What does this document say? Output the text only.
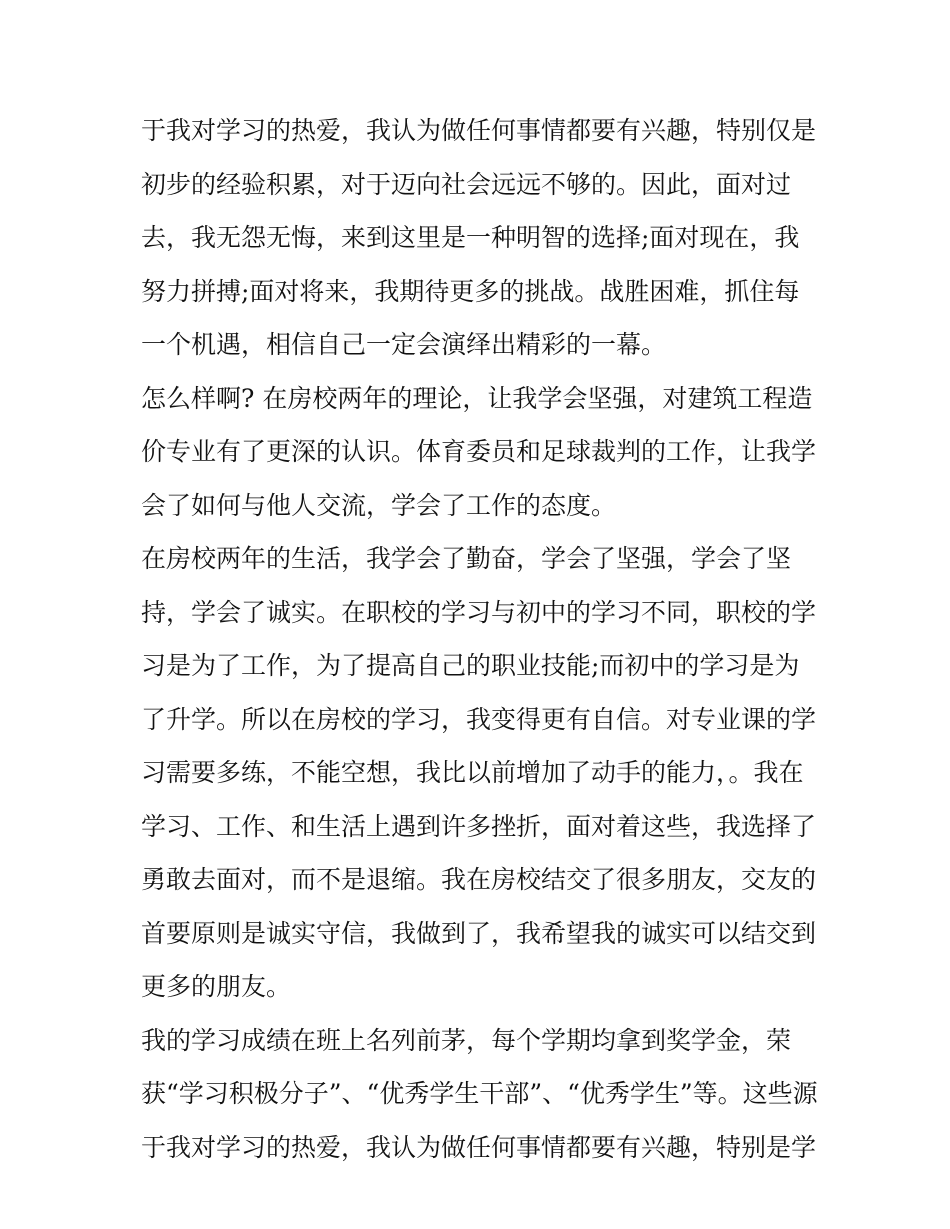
于我对学习的热爱，我认为做任何事情都要有兴趣，特别仅是
初步的经验积累，对于迈向社会远远不够的。因此，面对过
去，我无怨无悔，来到这里是一种明智的选择;面对现在，我
努力拼搏;面对将来，我期待更多的挑战。战胜困难，抓住每
一个机遇，相信自己一定会演绎出精彩的一幕。
怎么样啊? 在房校两年的理论，让我学会坚强，对建筑工程造
价专业有了更深的认识。体育委员和足球裁判的工作，让我学
会了如何与他人交流，学会了工作的态度。
在房校两年的生活，我学会了勤奋，学会了坚强，学会了坚
持，学会了诚实。在职校的学习与初中的学习不同，职校的学
习是为了工作，为了提高自己的职业技能;而初中的学习是为
了升学。所以在房校的学习，我变得更有自信。对专业课的学
习需要多练，不能空想，我比以前增加了动手的能力，。我在
学习、工作、和生活上遇到许多挫折，面对着这些，我选择了
勇敢去面对，而不是退缩。我在房校结交了很多朋友，交友的
首要原则是诚实守信，我做到了，我希望我的诚实可以结交到
更多的朋友。
我的学习成绩在班上名列前茅，每个学期均拿到奖学金，荣
获“学习积极分子”、“优秀学生干部”、“优秀学生”等。这些源
于我对学习的热爱，我认为做任何事情都要有兴趣，特别是学
